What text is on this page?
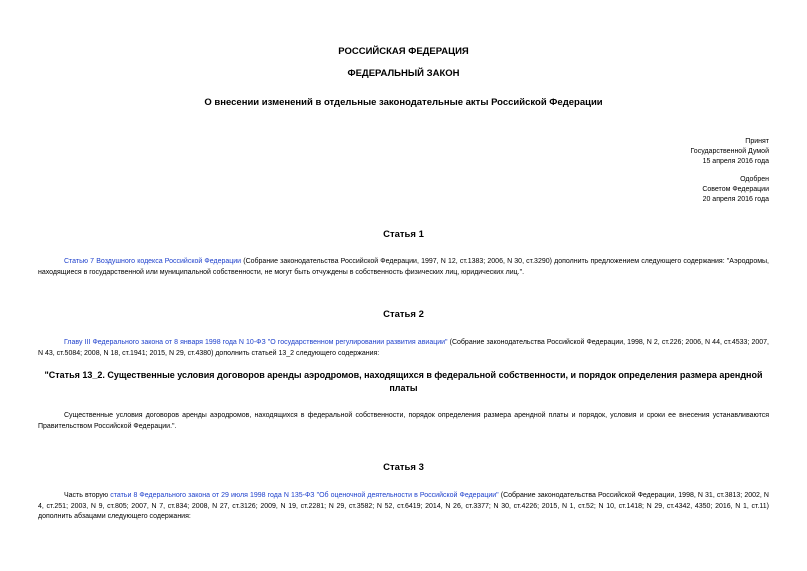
РОССИЙСКАЯ ФЕДЕРАЦИЯ
ФЕДЕРАЛЬНЫЙ ЗАКОН
О внесении изменений в отдельные законодательные акты Российской Федерации
Принят
Государственной Думой
15 апреля 2016 года
Одобрен
Советом Федерации
20 апреля 2016 года
Статья 1
Статью 7 Воздушного кодекса Российской Федерации (Собрание законодательства Российской Федерации, 1997, N 12, ст.1383; 2006, N 30, ст.3290) дополнить предложением следующего содержания: "Аэродромы, находящиеся в государственной или муниципальной собственности, не могут быть отчуждены в собственность физических лиц, юридических лиц.".
Статья 2
Главу III Федерального закона от 8 января 1998 года N 10-ФЗ "О государственном регулировании развития авиации" (Собрание законодательства Российской Федерации, 1998, N 2, ст.226; 2006, N 44, ст.4533; 2007, N 43, ст.5084; 2008, N 18, ст.1941; 2015, N 29, ст.4380) дополнить статьей 13_2 следующего содержания:
"Статья 13_2. Существенные условия договоров аренды аэродромов, находящихся в федеральной собственности, и порядок определения размера арендной платы
Существенные условия договоров аренды аэродромов, находящихся в федеральной собственности, порядок определения размера арендной платы и порядок, условия и сроки ее внесения устанавливаются Правительством Российской Федерации.".
Статья 3
Часть вторую статьи 8 Федерального закона от 29 июля 1998 года N 135-ФЗ "Об оценочной деятельности в Российской Федерации" (Собрание законодательства Российской Федерации, 1998, N 31, ст.3813; 2002, N 4, ст.251; 2003, N 9, ст.805; 2007, N 7, ст.834; 2008, N 27, ст.3126; 2009, N 19, ст.2281; N 29, ст.3582; N 52, ст.6419; 2014, N 26, ст.3377; N 30, ст.4226; 2015, N 1, ст.52; N 10, ст.1418; N 29, ст.4342, 4350; 2016, N 1, ст.11) дополнить абзацами следующего содержания:
